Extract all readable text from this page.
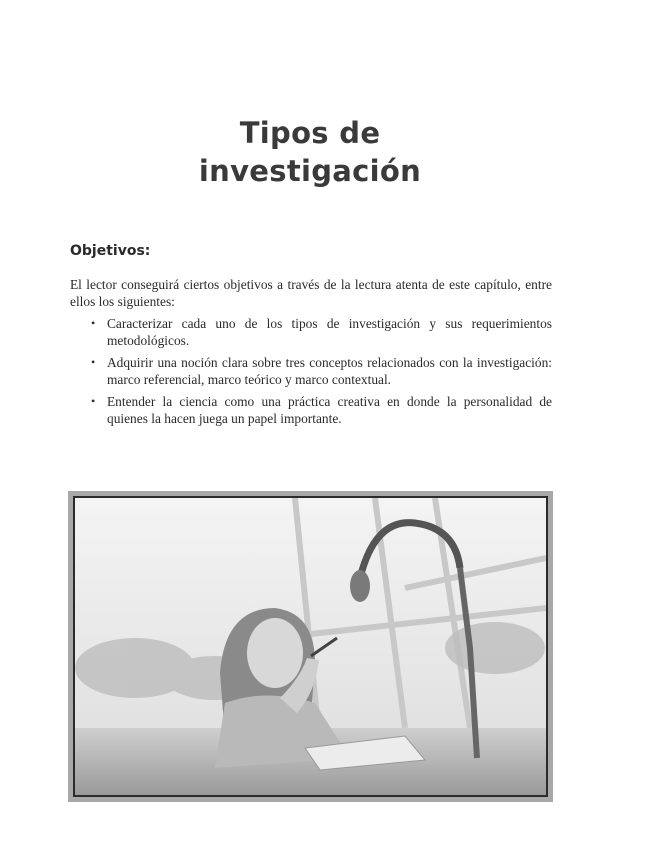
Tipos de
investigación
Objetivos:

El lector conseguirá ciertos objetivos a través de la lectura atenta de este capítulo, entre ellos los siguientes:

• Caracterizar cada uno de los tipos de investigación y sus requerimientos metodológicos.
• Adquirir una noción clara sobre tres conceptos relacionados con la investigación: marco referencial, marco teórico y marco contextual.
• Entender la ciencia como una práctica creativa en donde la personalidad de quienes la hacen juega un papel importante.
